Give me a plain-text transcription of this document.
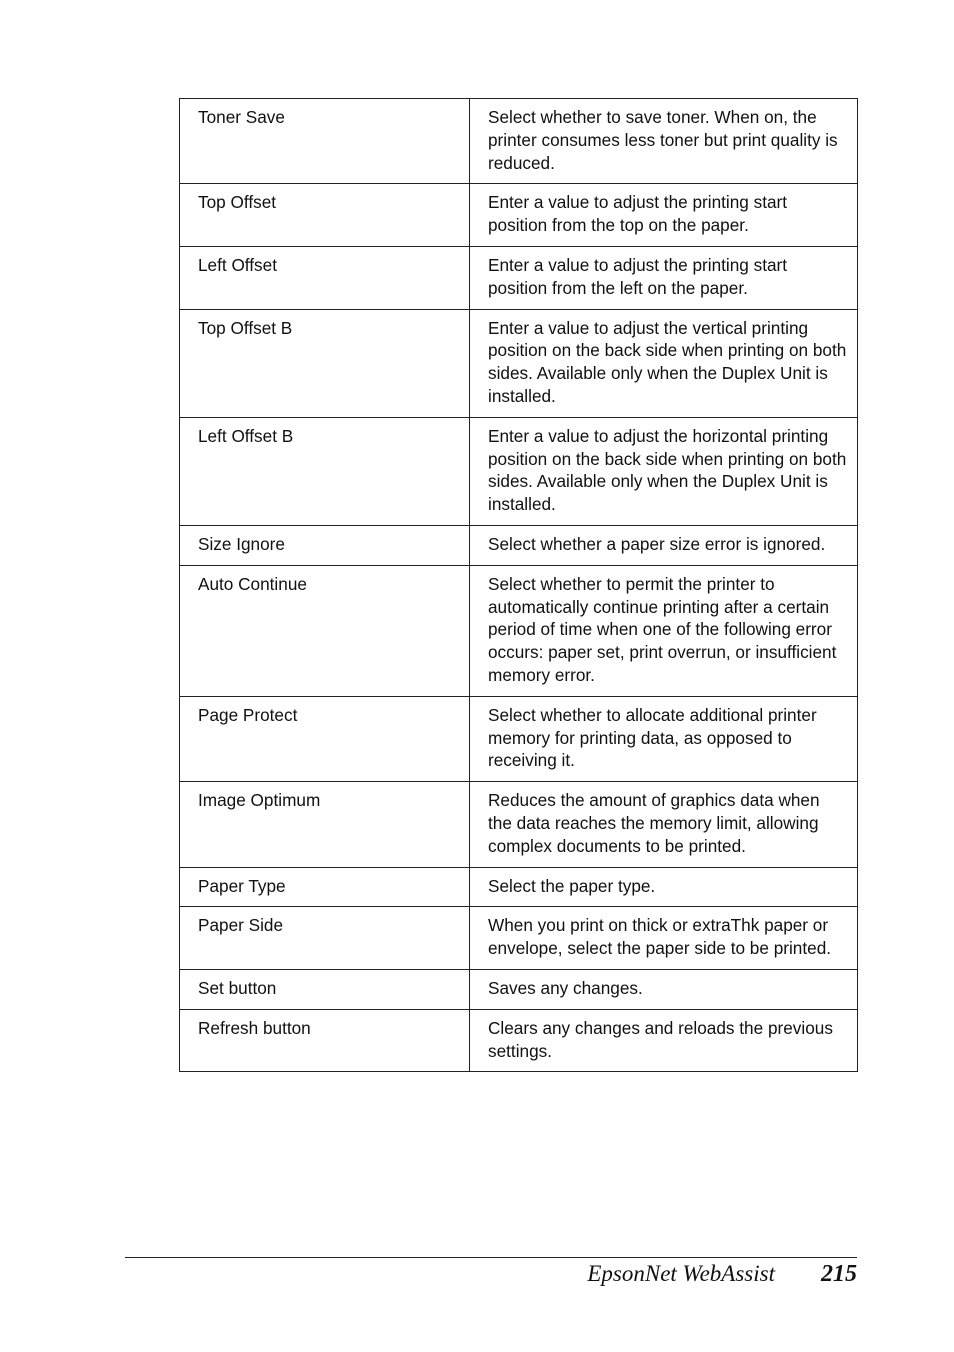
Toner Save	Select whether to save toner. When on, the printer consumes less toner but print quality is reduced.
Top Offset	Enter a value to adjust the printing start position from the top on the paper.
Left Offset	Enter a value to adjust the printing start position from the left on the paper.
Top Offset B	Enter a value to adjust the vertical printing position on the back side when printing on both sides. Available only when the Duplex Unit is installed.
Left Offset B	Enter a value to adjust the horizontal printing position on the back side when printing on both sides. Available only when the Duplex Unit is installed.
Size Ignore	Select whether a paper size error is ignored.
Auto Continue	Select whether to permit the printer to automatically continue printing after a certain period of time when one of the following error occurs: paper set, print overrun, or insufficient memory error.
Page Protect	Select whether to allocate additional printer memory for printing data, as opposed to receiving it.
Image Optimum	Reduces the amount of graphics data when the data reaches the memory limit, allowing complex documents to be printed.
Paper Type	Select the paper type.
Paper Side	When you print on thick or extraThk paper or envelope, select the paper side to be printed.
Set button	Saves any changes.
Refresh button	Clears any changes and reloads the previous settings.
EpsonNet WebAssist 215
